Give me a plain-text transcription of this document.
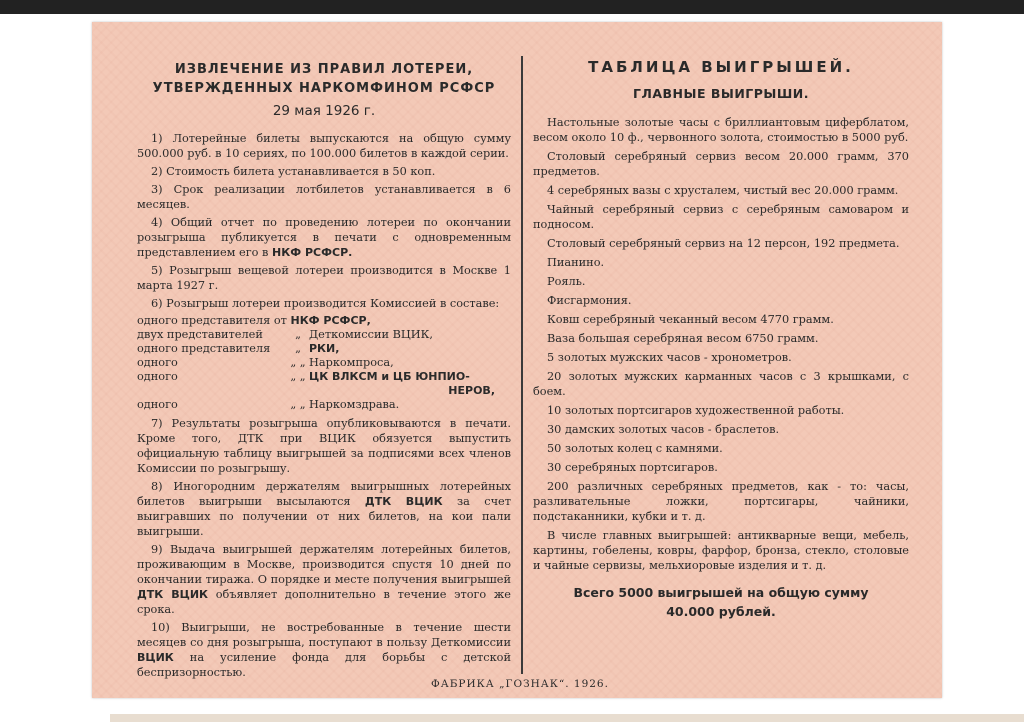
ИЗВЛЕЧЕНИЕ ИЗ ПРАВИЛ ЛОТЕРЕИ,

УТВЕРЖДЕННЫХ НАРКОМФИНОМ РСФСР

29 мая 1926 г.

1) Лотерейные билеты выпускаются на общую сумму 500.000 руб. в 10 сериях, по 100.000 билетов в каждой серии.

2) Стоимость билета устанавливается в 50 коп.

3) Срок реализации лотбилетов устанавливается в 6 месяцев.

4) Общий отчет по проведению лотереи по окончании розыгрыша публикуется в печати с одновременным представлением его в НКФ РСФСР.

5) Розыгрыш вещевой лотереи производится в Москве 1 марта 1927 г.

6) Розыгрыш лотереи производится Комиссией в составе:

одного представителя от
НКФ РСФСР,
двух представителей	„ Деткомиссии ВЦИК,
одного представителя	„ РКИ,
одного	„ „ Наркомпроса,
одного	„ „ ЦК ВЛКСМ и ЦБ ЮНПИО-
НЕРОВ,
одного	„ „ Наркомздрава.

7) Результаты розыгрыша опубликовываются в печати. Кроме того, ДТК при ВЦИК обязуется выпустить официальную таблицу выигрышей за подписями всех членов Комиссии по розыгрышу.

8) Иногородним держателям выигрышных лотерейных билетов выигрыши высылаются ДТК ВЦИК за счет выигравших по получении от них билетов, на кои пали выигрыши.

9) Выдача выигрышей держателям лотерейных билетов, проживающим в Москве, производится спустя 10 дней по окончании тиража. О порядке и месте получения выигрышей ДТК ВЦИК объявляет дополнительно в течение этого же срока.

10) Выигрыши, не востребованные в течение шести месяцев со дня розыгрыша, поступают в пользу Деткомиссии ВЦИК на усиление фонда для борьбы с детской беспризорностью.

ТАБЛИЦА ВЫИГРЫШЕЙ.

ГЛАВНЫЕ ВЫИГРЫШИ.

Настольные золотые часы с бриллиантовым циферблатом, весом около 10 ф., червонного золота, стоимостью в 5000 руб.

Столовый серебряный сервиз весом 20.000 грамм, 370 предметов.

4 серебряных вазы с хрусталем, чистый вес 20.000 грамм.

Чайный серебряный сервиз с серебряным самоваром и подносом.

Столовый серебряный сервиз на 12 персон, 192 предмета.

Пианино.

Рояль.

Фисгармония.

Ковш серебряный чеканный весом 4770 грамм.

Ваза большая серебряная весом 6750 грамм.

5 золотых мужских часов - хронометров.

20 золотых мужских карманных часов с 3 крышками, с боем.

10 золотых портсигаров художественной работы.

30 дамских золотых часов - браслетов.

50 золотых колец с камнями.

30 серебряных портсигаров.

200 различных серебряных предметов, как - то: часы, разливательные ложки, портсигары, чайники, подстаканники, кубки и т. д.

В числе главных выигрышей: антикварные вещи, мебель, картины, гобелены, ковры, фарфор, бронза, стекло, столовые и чайные сервизы, мельхиоровые изделия и т. д.

Всего 5000 выигрышей на общую сумму
40.000 рублей.
ФАБРИКА „ГОЗНАК“. 1926.
